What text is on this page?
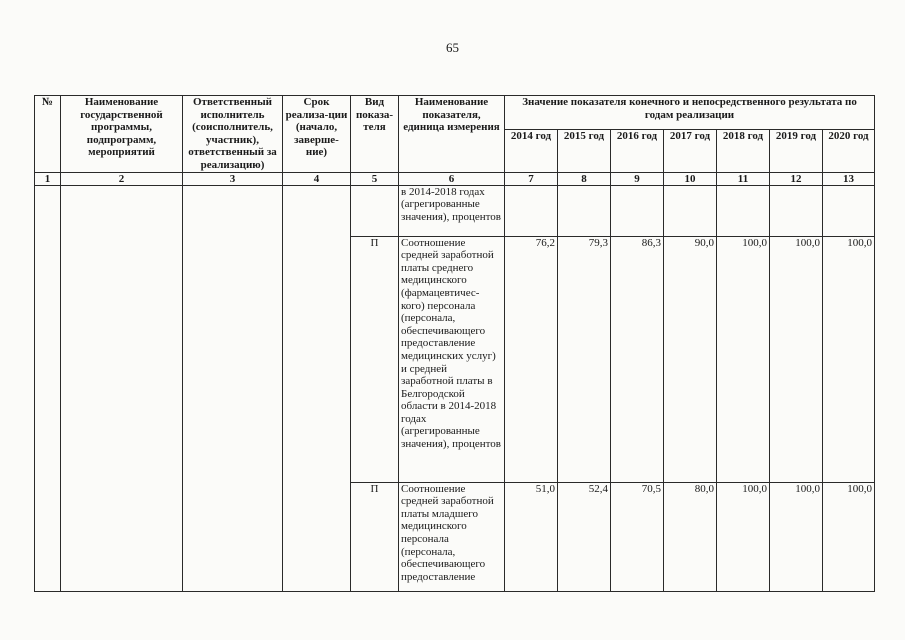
65
№	Наименование государственной программы, подпрограмм, мероприятий	Ответственный исполнитель (соисполнитель, участник), ответственный за реализацию)	Срок реализа-ции (начало, заверше-ние)	Вид показа-теля	Наименование показателя, единица измерения	Значение показателя конечного и непосредственного результата по годам реализации						
						2014 год	2015 год	2016 год	2017 год	2018 год	2019 год	2020 год
1	2	3	4	5	6	7	8	9	10	11	12	13
					в 2014-2018 годах (агрегированные значения), процентов							
				П	Соотношение средней заработной платы среднего медицинского (фармацевтичес-кого) персонала (персонала, обеспечивающего предоставление медицинских услуг) и средней заработной платы в Белгородской области в 2014-2018 годах (агрегированные значения), процентов	76,2	79,3	86,3	90,0	100,0	100,0	100,0
				П	Соотношение средней заработной платы младшего медицинского персонала (персонала, обеспечивающего предоставление	51,0	52,4	70,5	80,0	100,0	100,0	100,0
